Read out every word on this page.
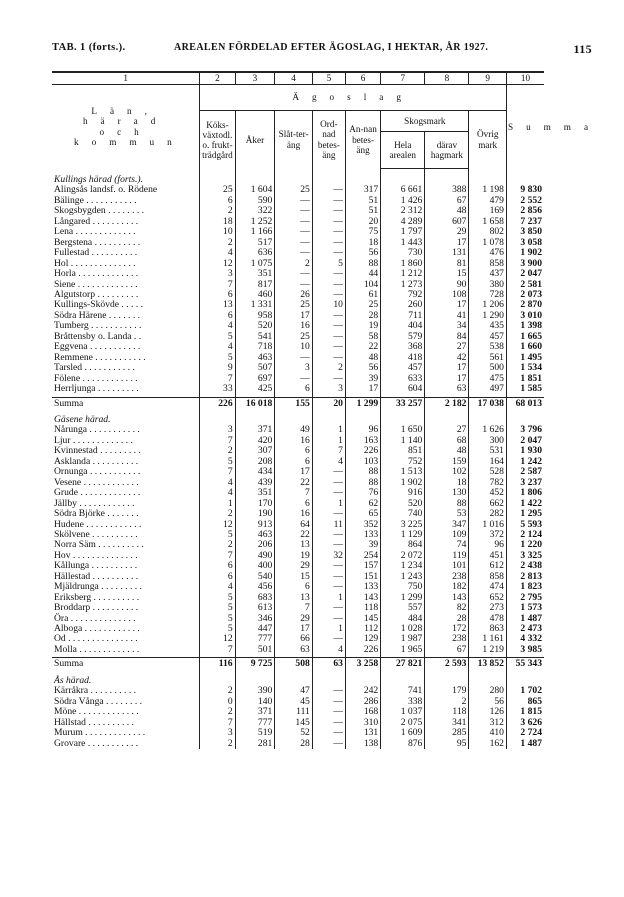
TAB. 1 (forts.).	AREALEN FÖRDELAD EFTER ÄGOSLAG, I HEKTAR, ÅR 1927.	115
1	2	3	4	5	6	7	8	9	10
Län, härad och kommun	Ägoslag								Summa
	Köks-växtodl. o. frukt-trädgård	Åker	Slåt-ter-äng	Ord-nad betes-äng	An-nan betes-äng	Skogsmark		Övrig mark	
						Hela arealen	därav hagmark		

Kullings härad (forts.).									
Alingsås landsf. o. Rödene	25	1 604	25	—	317	6 661	388	1 198	9 830
Bälinge . . . . . . . . . . .	6	590	—	—	51	1 426	67	479	2 552
Skogsbygden . . . . . . . .	2	322	—	—	51	2 312	48	169	2 856
Långared . . . . . . . . . .	18	1 252	—	—	20	4 289	607	1 658	7 237
Lena . . . . . . . . . . . . .	10	1 166	—	—	75	1 797	29	802	3 850
Bergstena . . . . . . . . . .	2	517	—	—	18	1 443	17	1 078	3 058
Fullestad . . . . . . . . . .	4	636	—	—	56	730	131	476	1 902
Hol . . . . . . . . . . . . . .	12	1 075	2	5	88	1 860	81	858	3 900
Horla . . . . . . . . . . . . .	3	351	—	—	44	1 212	15	437	2 047
Siene . . . . . . . . . . . . .	7	817	—	—	104	1 273	90	380	2 581
Algutstorp . . . . . . . . .	6	460	26	—	61	792	108	728	2 073
Kullings-Skövde . . . . .	13	1 331	25	10	25	260	17	1 206	2 870
Södra Härene . . . . . . .	6	958	17	—	28	711	41	1 290	3 010
Tumberg . . . . . . . . . . .	4	520	16	—	19	404	34	435	1 398
Bråttensby o. Landa . .	5	541	25	—	58	579	84	457	1 665
Eggvena . . . . . . . . . . .	4	718	10	—	22	368	27	538	1 660
Remmene . . . . . . . . . . .	5	463	—	—	48	418	42	561	1 495
Tarsled . . . . . . . . . . .	9	507	3	2	56	457	17	500	1 534
Fölene . . . . . . . . . . . .	7	697	—	—	39	633	17	475	1 851
Herrljunga . . . . . . . . .	33	425	6	3	17	604	63	497	1 585
Summa	226	16 018	155	20	1 299	33 257	2 182	17 038	68 013

Gäsene härad.									
Nårunga . . . . . . . . . . .	3	371	49	1	96	1 650	27	1 626	3 796
Ljur . . . . . . . . . . . . .	7	420	16	1	163	1 140	68	300	2 047
Kvinnestad . . . . . . . . .	2	307	6	7	226	851	48	531	1 930
Asklanda . . . . . . . . . .	5	208	6	4	103	752	159	164	1 242
Ornunga . . . . . . . . . . .	7	434	17	—	88	1 513	102	528	2 587
Vesene . . . . . . . . . . . .	4	439	22	—	88	1 902	18	782	3 237
Grude . . . . . . . . . . . . .	4	351	7	—	76	916	130	452	1 806
Jällby . . . . . . . . . . . .	1	170	6	1	62	520	88	662	1 422
Södra Björke . . . . . . .	2	190	16	—	65	740	53	282	1 295
Hudene . . . . . . . . . . . .	12	913	64	11	352	3 225	347	1 016	5 593
Skölvene . . . . . . . . . .	5	463	22	—	133	1 129	109	372	2 124
Norra Säm . . . . . . . . . .	2	206	13	—	39	864	74	96	1 220
Hov . . . . . . . . . . . . . .	7	490	19	32	254	2 072	119	451	3 325
Kållunga . . . . . . . . . .	6	400	29	—	157	1 234	101	612	2 438
Hällestad . . . . . . . . . .	6	540	15	—	151	1 243	238	858	2 813
Mjäldrunga . . . . . . . . .	4	456	6	—	133	750	182	474	1 823
Eriksberg . . . . . . . . . .	5	683	13	1	143	1 299	143	652	2 795
Broddarp . . . . . . . . . .	5	613	7	—	118	557	82	273	1 573
Öra . . . . . . . . . . . . . .	5	346	29	—	145	484	28	478	1 487
Alboga . . . . . . . . . . . .	5	447	17	1	112	1 028	172	863	2 473
Od . . . . . . . . . . . . . . .	12	777	66	—	129	1 987	238	1 161	4 332
Molla . . . . . . . . . . . . .	7	501	63	4	226	1 965	67	1 219	3 985
Summa	116	9 725	508	63	3 258	27 821	2 593	13 852	55 343

Ås härad.									
Kärråkra . . . . . . . . . .	2	390	47	—	242	741	179	280	1 702
Södra Vånga . . . . . . . .	0	140	45	—	286	338	2	56	865
Möne . . . . . . . . . . . . .	2	371	111	—	168	1 037	118	126	1 815
Hällstad . . . . . . . . . .	7	777	145	—	310	2 075	341	312	3 626
Murum . . . . . . . . . . . . .	3	519	52	—	131	1 609	285	410	2 724
Grovare . . . . . . . . . . .	2	281	28	—	138	876	95	162	1 487
